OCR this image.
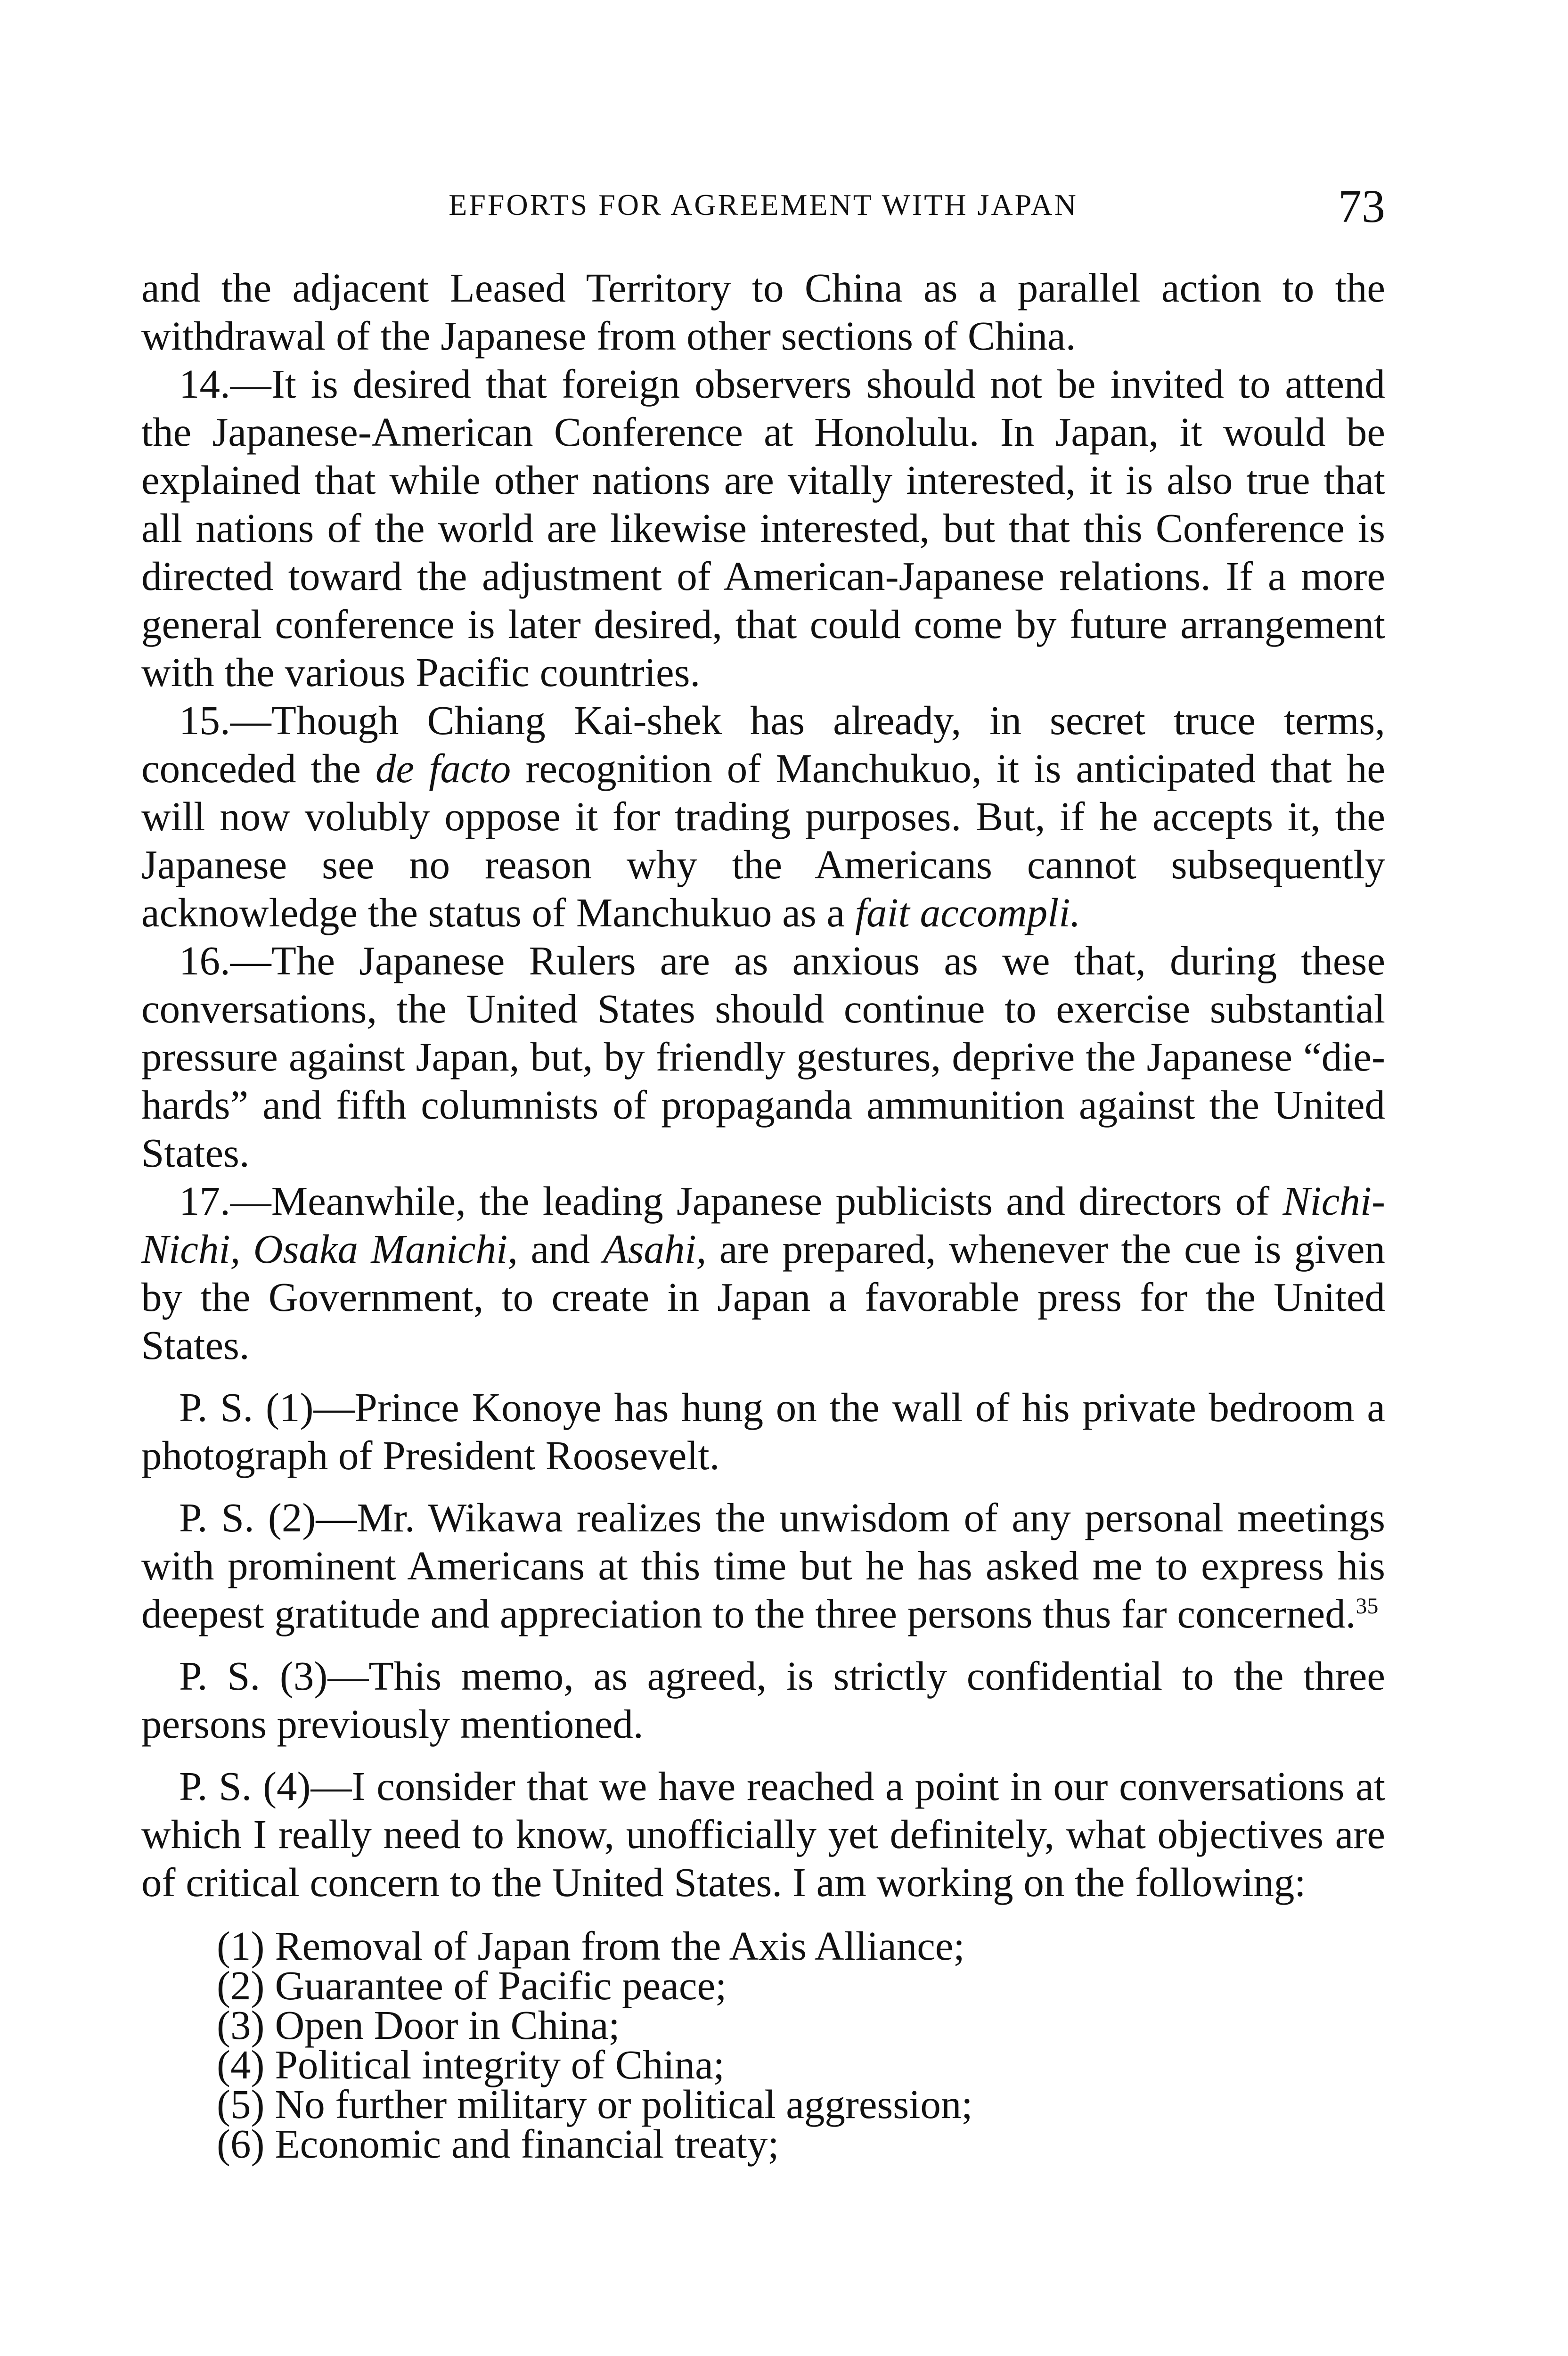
EFFORTS FOR AGREEMENT WITH JAPAN	73

and the adjacent Leased Territory to China as a parallel action to the withdrawal of the Japanese from other sections of China.

14.—It is desired that foreign observers should not be invited to attend the Japanese-American Conference at Honolulu. In Japan, it would be explained that while other nations are vitally interested, it is also true that all nations of the world are likewise interested, but that this Conference is directed toward the adjustment of American-Japanese relations. If a more general conference is later desired, that could come by future arrangement with the various Pacific countries.

15.—Though Chiang Kai-shek has already, in secret truce terms, conceded the de facto recognition of Manchukuo, it is anticipated that he will now volubly oppose it for trading purposes. But, if he accepts it, the Japanese see no reason why the Americans cannot subsequently acknowledge the status of Manchukuo as a fait accompli.

16.—The Japanese Rulers are as anxious as we that, during these conversations, the United States should continue to exercise substantial pressure against Japan, but, by friendly gestures, deprive the Japanese “die-hards” and fifth columnists of propaganda ammunition against the United States.

17.—Meanwhile, the leading Japanese publicists and directors of Nichi-Nichi, Osaka Manichi, and Asahi, are prepared, whenever the cue is given by the Government, to create in Japan a favorable press for the United States.

P. S. (1)—Prince Konoye has hung on the wall of his private bedroom a photograph of President Roosevelt.

P. S. (2)—Mr. Wikawa realizes the unwisdom of any personal meetings with prominent Americans at this time but he has asked me to express his deepest gratitude and appreciation to the three persons thus far concerned.$^{35}$

P. S. (3)—This memo, as agreed, is strictly confidential to the three persons previously mentioned.

P. S. (4)—I consider that we have reached a point in our conversations at which I really need to know, unofficially yet definitely, what objectives are of critical concern to the United States. I am working on the following:

(1) Removal of Japan from the Axis Alliance;
(2) Guarantee of Pacific peace;
(3) Open Door in China;
(4) Political integrity of China;
(5) No further military or political aggression;
(6) Economic and financial treaty;
